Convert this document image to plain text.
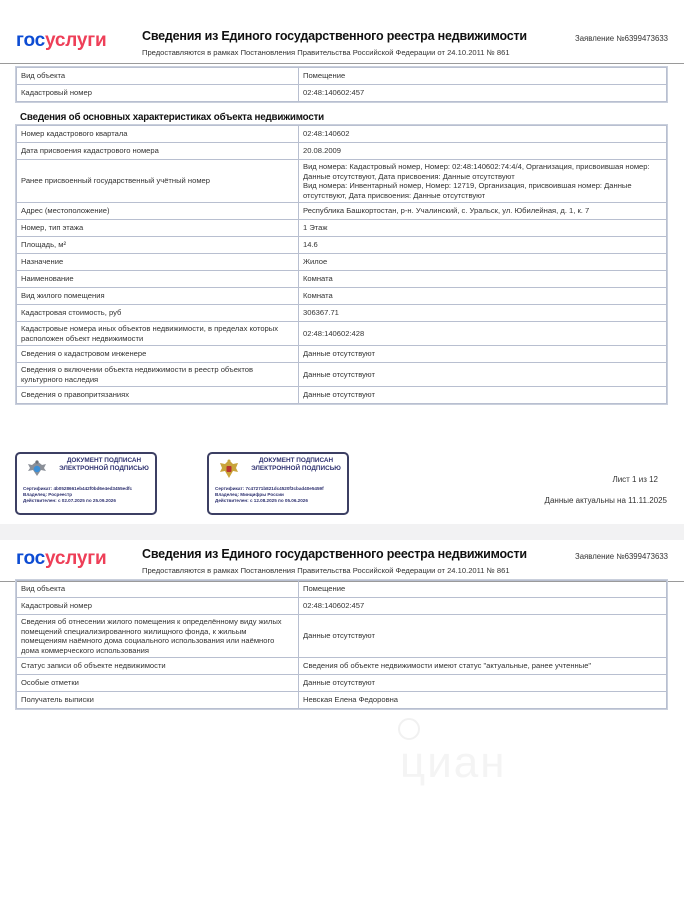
госуслуги	Сведения из Единого государственного реестра недвижимости
Предоставляются в рамках Постановления Правительства Российской Федерации от 24.10.2011 № 861
Заявление №6399473633
Вид объекта	Помещение
Кадастровый номер	02:48:140602:457
Сведения об основных характеристиках объекта недвижимости
Номер кадастрового квартала	02:48:140602
Дата присвоения кадастрового номера	20.08.2009
Ранее присвоенный государственный учётный номер	Вид номера: Кадастровый номер, Номер: 02:48:140602:74:4/4, Организация, присвоившая номер: Данные отсутствуют, Дата присвоения: Данные отсутствуют
Вид номера: Инвентарный номер, Номер: 12719, Организация, присвоившая номер: Данные отсутствуют, Дата присвоения: Данные отсутствуют

Адрес (местоположение)	Республика Башкортостан, р-н. Учалинский, с. Уральск, ул. Юбилейная, д. 1, к. 7
Номер, тип этажа	1 Этаж
Площадь, м²	14.6
Назначение	Жилое
Наименование	Комната
Вид жилого помещения	Комната
Кадастровая стоимость, руб	306367.71
Кадастровые номера иных объектов недвижимости, в пределах которых расположен объект недвижимости	02:48:140602:428
Сведения о кадастровом инженере	Данные отсутствуют
Сведения о включении объекта недвижимости в реестр объектов культурного наследия	Данные отсутствуют
Сведения о правопритязаниях	Данные отсутствуют
ДОКУМЕНТ ПОДПИСАН ЭЛЕКТРОННОЙ ПОДПИСЬЮ
Сертификат: 4b0528661eb442f0bd6e4ed3455edfc
Владелец: Росреестр
Действителен: с 02.07.2025 по 25.09.2026
ДОКУМЕНТ ПОДПИСАН ЭЛЕКТРОННОЙ ПОДПИСЬЮ
Сертификат: 7c47271b821dc4520f3cbad40e5459f
Владелец: Минцифры России
Действителен: с 12.08.2025 по 05.06.2026
Лист 1 из 12
Данные актуальны на 11.11.2025
госуслуги	Сведения из Единого государственного реестра недвижимости
Предоставляются в рамках Постановления Правительства Российской Федерации от 24.10.2011 № 861
Заявление №6399473633
Вид объекта	Помещение
Кадастровый номер	02:48:140602:457
Сведения об отнесении жилого помещения к определённому виду жилых помещений специализированного жилищного фонда, к жильым помещениям наёмного дома социального использования или наёмного дома коммерческого использования	Данные отсутствуют
Статус записи об объекте недвижимости	Сведения об объекте недвижимости имеют статус "актуальные, ранее учтенные"
Особые отметки	Данные отсутствуют
Получатель выписки	Невская Елена Федоровна
циан
